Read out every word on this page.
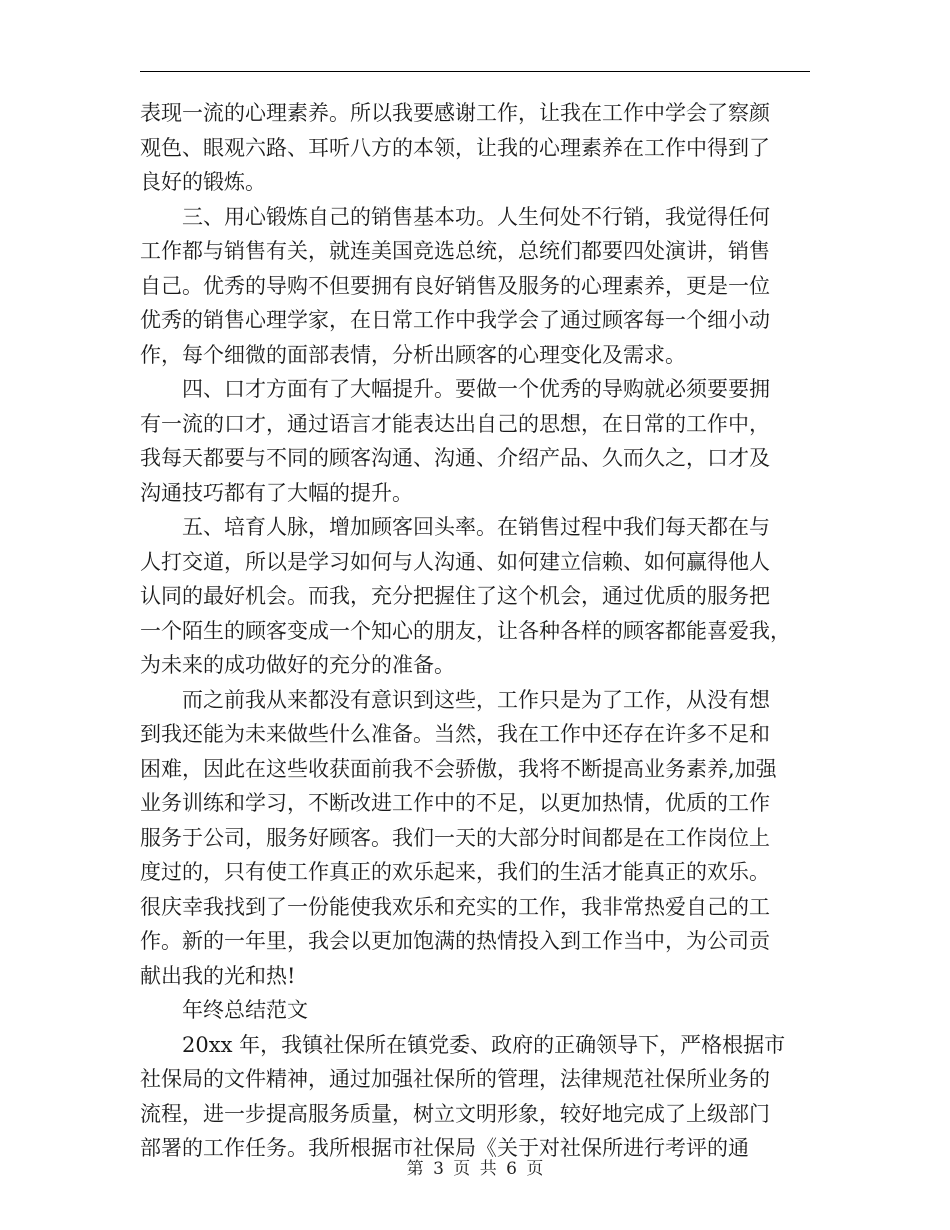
表现一流的心理素养。所以我要感谢工作，让我在工作中学会了察颜
观色、眼观六路、耳听八方的本领，让我的心理素养在工作中得到了
良好的锻炼。
三、用心锻炼自己的销售基本功。人生何处不行销，我觉得任何
工作都与销售有关，就连美国竞选总统，总统们都要四处演讲，销售
自己。优秀的导购不但要拥有良好销售及服务的心理素养，更是一位
优秀的销售心理学家，在日常工作中我学会了通过顾客每一个细小动
作，每个细微的面部表情，分析出顾客的心理变化及需求。
四、口才方面有了大幅提升。要做一个优秀的导购就必须要要拥
有一流的口才，通过语言才能表达出自己的思想，在日常的工作中，
我每天都要与不同的顾客沟通、沟通、介绍产品、久而久之，口才及
沟通技巧都有了大幅的提升。
五、培育人脉，增加顾客回头率。在销售过程中我们每天都在与
人打交道，所以是学习如何与人沟通、如何建立信赖、如何赢得他人
认同的最好机会。而我，充分把握住了这个机会，通过优质的服务把
一个陌生的顾客变成一个知心的朋友，让各种各样的顾客都能喜爱我，
为未来的成功做好的充分的准备。
而之前我从来都没有意识到这些，工作只是为了工作，从没有想
到我还能为未来做些什么准备。当然，我在工作中还存在许多不足和
困难，因此在这些收获面前我不会骄傲，我将不断提高业务素养,加强
业务训练和学习，不断改进工作中的不足，以更加热情，优质的工作
服务于公司，服务好顾客。我们一天的大部分时间都是在工作岗位上
度过的，只有使工作真正的欢乐起来，我们的生活才能真正的欢乐。
很庆幸我找到了一份能使我欢乐和充实的工作，我非常热爱自己的工
作。新的一年里，我会以更加饱满的热情投入到工作当中，为公司贡
献出我的光和热!
年终总结范文
20xx 年，我镇社保所在镇党委、政府的正确领导下，严格根据市
社保局的文件精神，通过加强社保所的管理，法律规范社保所业务的
流程，进一步提高服务质量，树立文明形象，较好地完成了上级部门
部署的工作任务。我所根据市社保局《关于对社保所进行考评的通
第 3 页 共 6 页
